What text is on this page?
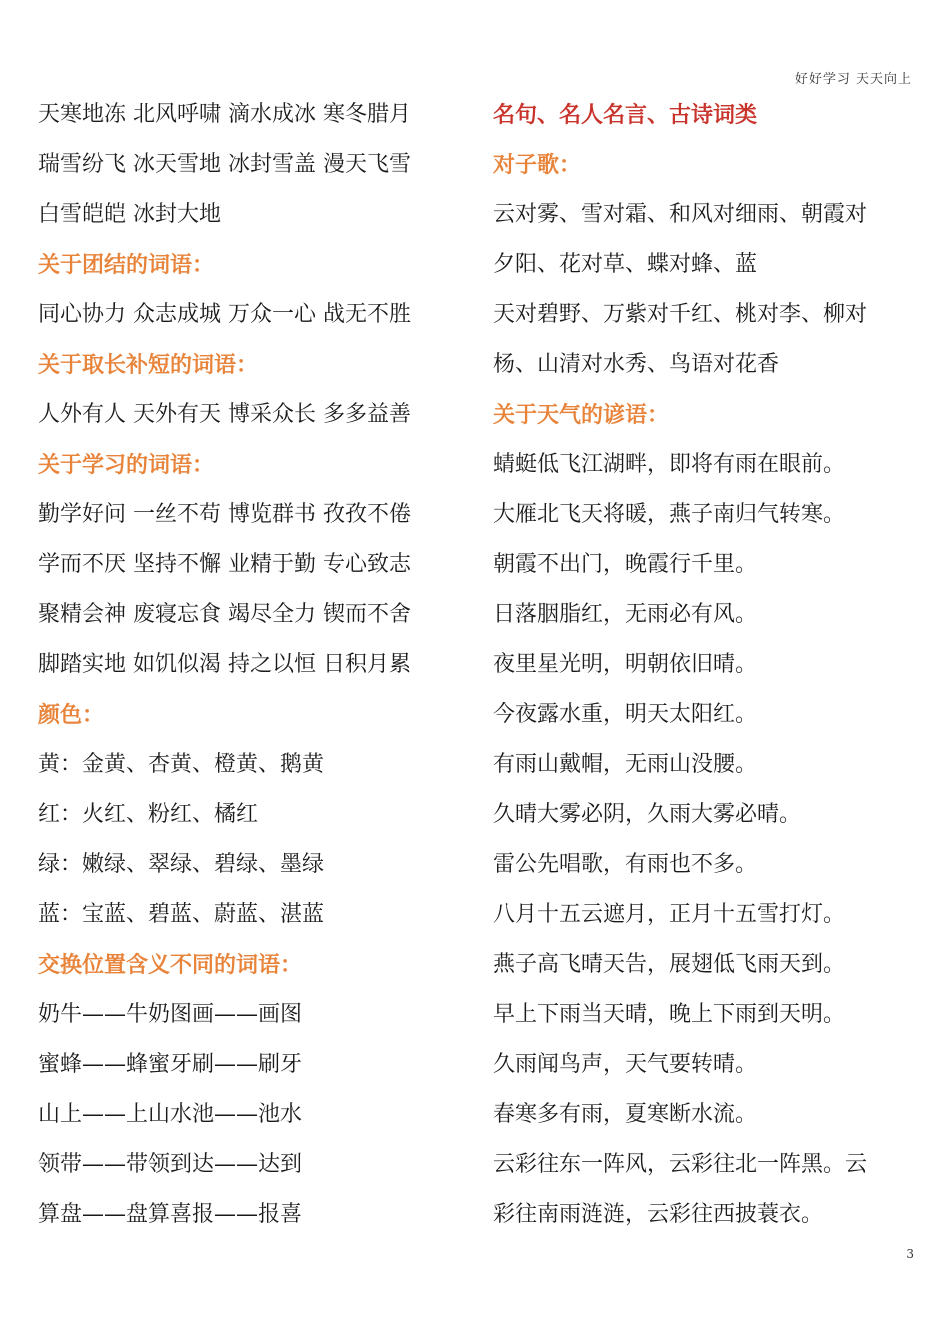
好好学习 天天向上
天寒地冻 北风呼啸 滴水成冰 寒冬腊月
瑞雪纷飞 冰天雪地 冰封雪盖 漫天飞雪
白雪皑皑 冰封大地
关于团结的词语：
同心协力 众志成城 万众一心 战无不胜
关于取长补短的词语：
人外有人 天外有天 博采众长 多多益善
关于学习的词语：
勤学好问 一丝不苟 博览群书 孜孜不倦
学而不厌 坚持不懈 业精于勤 专心致志
聚精会神 废寝忘食 竭尽全力 锲而不舍
脚踏实地 如饥似渴 持之以恒 日积月累
颜色：
黄：金黄、杏黄、橙黄、鹅黄
红：火红、粉红、橘红
绿：嫩绿、翠绿、碧绿、墨绿
蓝：宝蓝、碧蓝、蔚蓝、湛蓝
交换位置含义不同的词语：
奶牛——牛奶图画——画图
蜜蜂——蜂蜜牙刷——刷牙
山上——上山水池——池水
领带——带领到达——达到
算盘——盘算喜报——报喜
名句、名人名言、古诗词类
对子歌：
云对雾、雪对霜、和风对细雨、朝霞对
夕阳、花对草、蝶对蜂、蓝
天对碧野、万紫对千红、桃对李、柳对
杨、山清对水秀、鸟语对花香
关于天气的谚语：
蜻蜓低飞江湖畔，即将有雨在眼前。
大雁北飞天将暖，燕子南归气转寒。
朝霞不出门，晚霞行千里。
日落胭脂红，无雨必有风。
夜里星光明，明朝依旧晴。
今夜露水重，明天太阳红。
有雨山戴帽，无雨山没腰。
久晴大雾必阴，久雨大雾必晴。
雷公先唱歌，有雨也不多。
八月十五云遮月，正月十五雪打灯。
燕子高飞晴天告，展翅低飞雨天到。
早上下雨当天晴，晚上下雨到天明。
久雨闻鸟声，天气要转晴。
春寒多有雨，夏寒断水流。
云彩往东一阵风，云彩往北一阵黑。云
彩往南雨涟涟，云彩往西披蓑衣。
3
